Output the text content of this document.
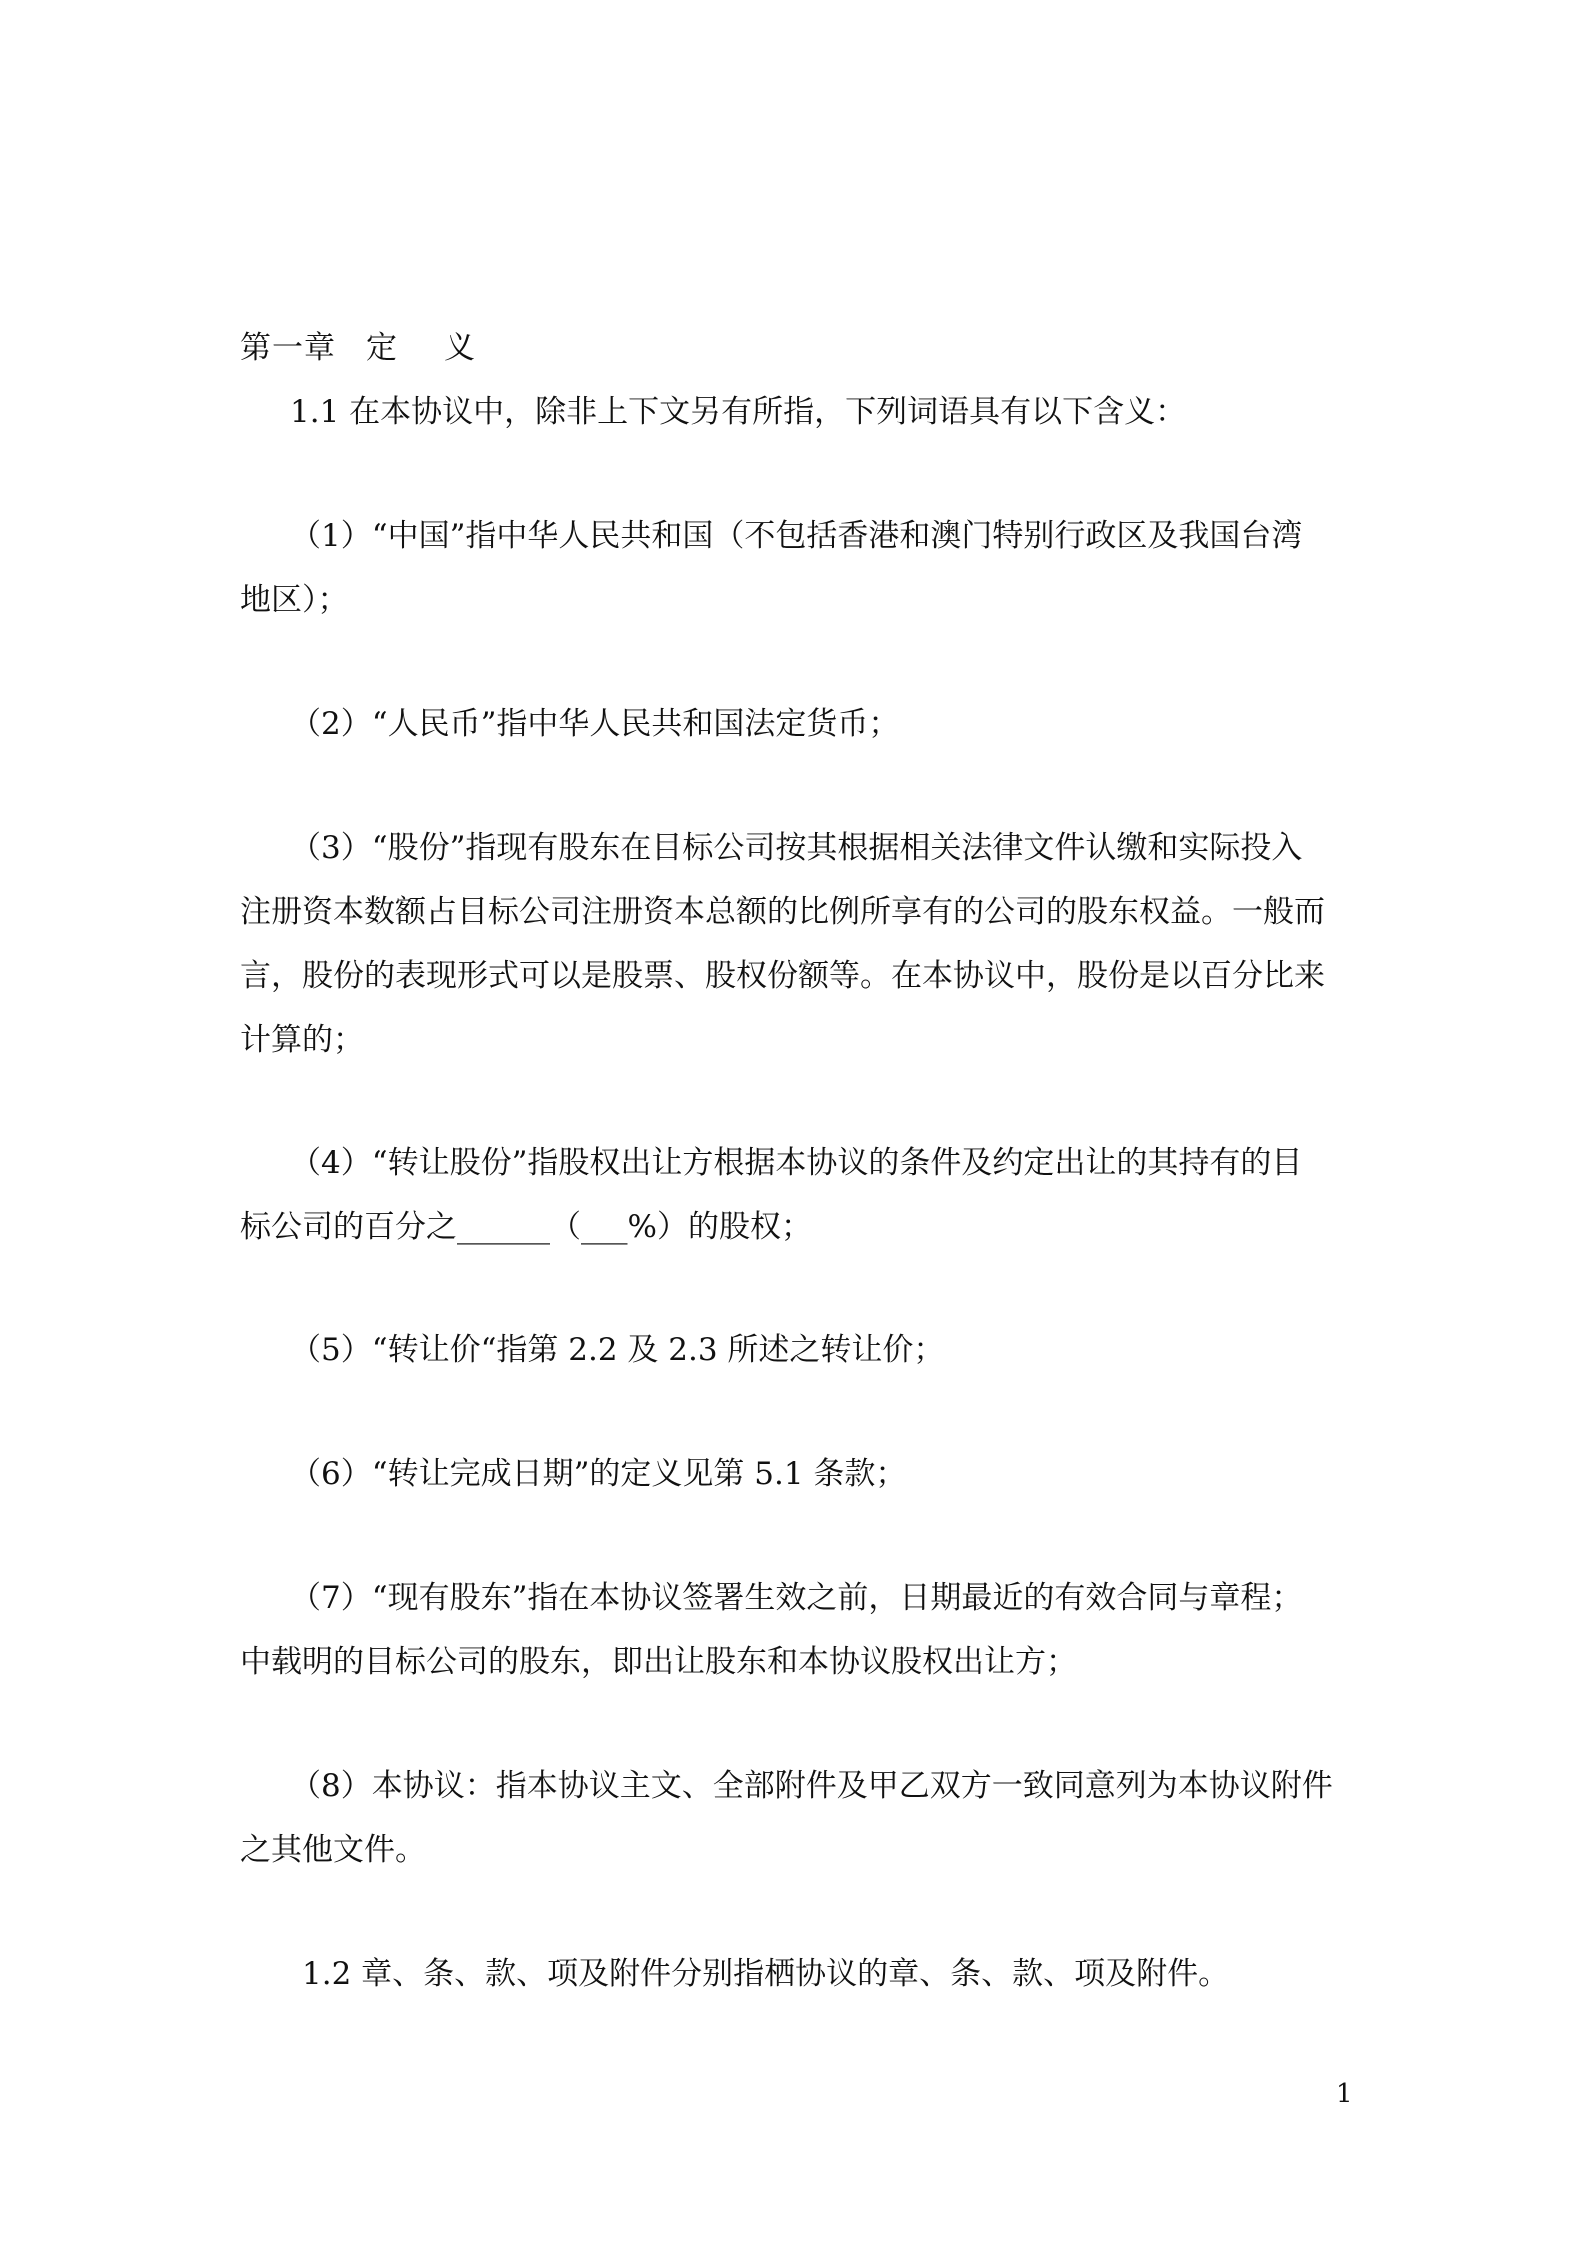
第一章 定 义
1.1 在本协议中，除非上下文另有所指，下列词语具有以下含义：
（1）“中国”指中华人民共和国（不包括香港和澳门特别行政区及我国台湾
地区）；
（2）“人民币”指中华人民共和国法定货币；
（3）“股份”指现有股东在目标公司按其根据相关法律文件认缴和实际投入
注册资本数额占目标公司注册资本总额的比例所享有的公司的股东权益。一般而
言，股份的表现形式可以是股票、股权份额等。在本协议中，股份是以百分比来
计算的；
（4）“转让股份”指股权出让方根据本协议的条件及约定出让的其持有的目
标公司的百分之______（___%）的股权；
（5）“转让价“指第 2.2 及 2.3 所述之转让价；
（6）“转让完成日期”的定义见第 5.1 条款；
（7）“现有股东”指在本协议签署生效之前，日期最近的有效合同与章程；
中载明的目标公司的股东，即出让股东和本协议股权出让方；
（8）本协议：指本协议主文、全部附件及甲乙双方一致同意列为本协议附件
之其他文件。
1.2 章、条、款、项及附件分别指栖协议的章、条、款、项及附件。
1
